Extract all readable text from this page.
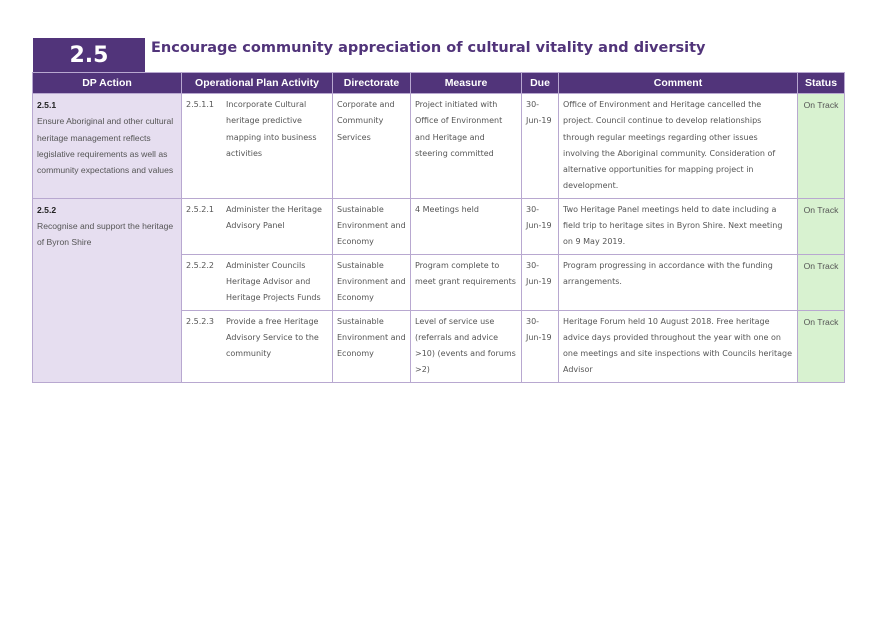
2.5	Encourage community appreciation of cultural vitality and diversity
DP Action	Operational Plan Activity	Directorate	Measure	Due	Comment	Status

2.5.1
Ensure Aboriginal and other cultural heritage management reflects legislative requirements as well as community expectations and values	2.5.1.1 Incorporate Cultural heritage predictive mapping into business activities	Corporate and Community Services	Project initiated with Office of Environment and Heritage and steering committed	30-Jun-19	Office of Environment and Heritage cancelled the project. Council continue to develop relationships through regular meetings regarding other issues involving the Aboriginal community. Consideration of alternative opportunities for mapping project in development.	On Track

2.5.2
Recognise and support the heritage of Byron Shire	2.5.2.1 Administer the Heritage Advisory Panel	Sustainable Environment and Economy	4 Meetings held	30-Jun-19	Two Heritage Panel meetings held to date including a field trip to heritage sites in Byron Shire. Next meeting on 9 May 2019.	On Track

	2.5.2.2 Administer Councils Heritage Advisor and Heritage Projects Funds	Sustainable Environment and Economy	Program complete to meet grant requirements	30-Jun-19	Program progressing in accordance with the funding arrangements.	On Track

	2.5.2.3 Provide a free Heritage Advisory Service to the community	Sustainable Environment and Economy	Level of service use (referrals and advice >10) (events and forums >2)	30-Jun-19	Heritage Forum held 10 August 2018. Free heritage advice days provided throughout the year with one on one meetings and site inspections with Councils heritage Advisor	On Track
